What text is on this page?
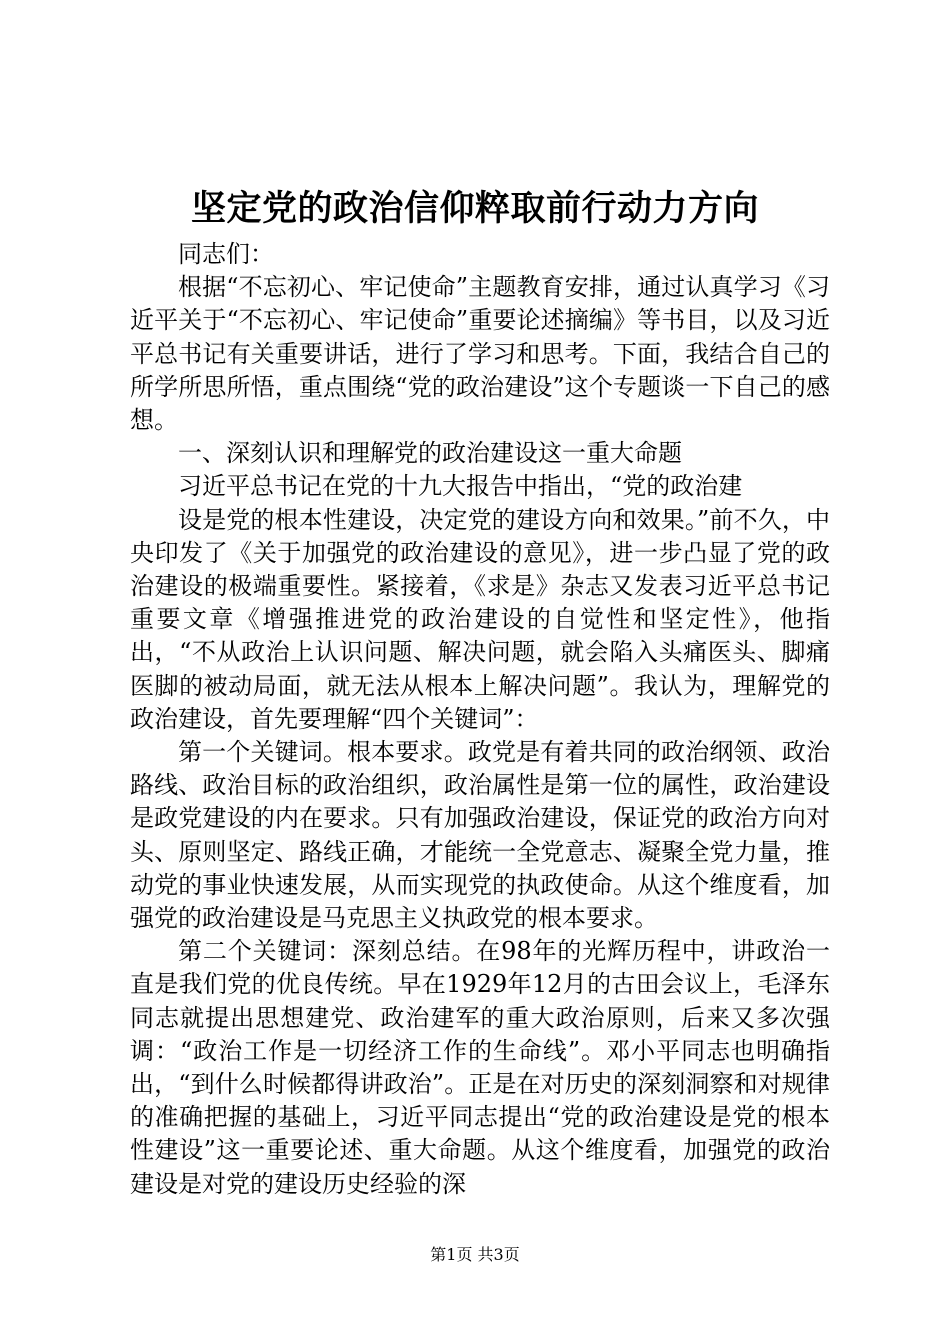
坚定党的政治信仰粹取前行动力方向

同志们：

根据“不忘初心、牢记使命”主题教育安排，通过认真学习《习近平关于“不忘初心、牢记使命”重要论述摘编》等书目，以及习近平总书记有关重要讲话，进行了学习和思考。下面，我结合自己的所学所思所悟，重点围绕“党的政治建设”这个专题谈一下自己的感想。

一、深刻认识和理解党的政治建设这一重大命题

习近平总书记在党的十九大报告中指出，“党的政治建

设是党的根本性建设，决定党的建设方向和效果。”前不久，中央印发了《关于加强党的政治建设的意见》，进一步凸显了党的政治建设的极端重要性。紧接着，《求是》杂志又发表习近平总书记重要文章《增强推进党的政治建设的自觉性和坚定性》，他指出，“不从政治上认识问题、解决问题，就会陷入头痛医头、脚痛医脚的被动局面，就无法从根本上解决问题”。我认为，理解党的政治建设，首先要理解“四个关键词”：

第一个关键词。根本要求。政党是有着共同的政治纲领、政治路线、政治目标的政治组织，政治属性是第一位的属性，政治建设是政党建设的内在要求。只有加强政治建设，保证党的政治方向对头、原则坚定、路线正确，才能统一全党意志、凝聚全党力量，推动党的事业快速发展，从而实现党的执政使命。从这个维度看，加强党的政治建设是马克思主义执政党的根本要求。

第二个关键词：深刻总结。在98年的光辉历程中，讲政治一直是我们党的优良传统。早在1929年12月的古田会议上，毛泽东同志就提出思想建党、政治建军的重大政治原则，后来又多次强调：“政治工作是一切经济工作的生命线”。邓小平同志也明确指出，“到什么时候都得讲政治”。正是在对历史的深刻洞察和对规律的准确把握的基础上，习近平同志提出“党的政治建设是党的根本性建设”这一重要论述、重大命题。从这个维度看，加强党的政治建设是对党的建设历史经验的深

第1页 共3页
